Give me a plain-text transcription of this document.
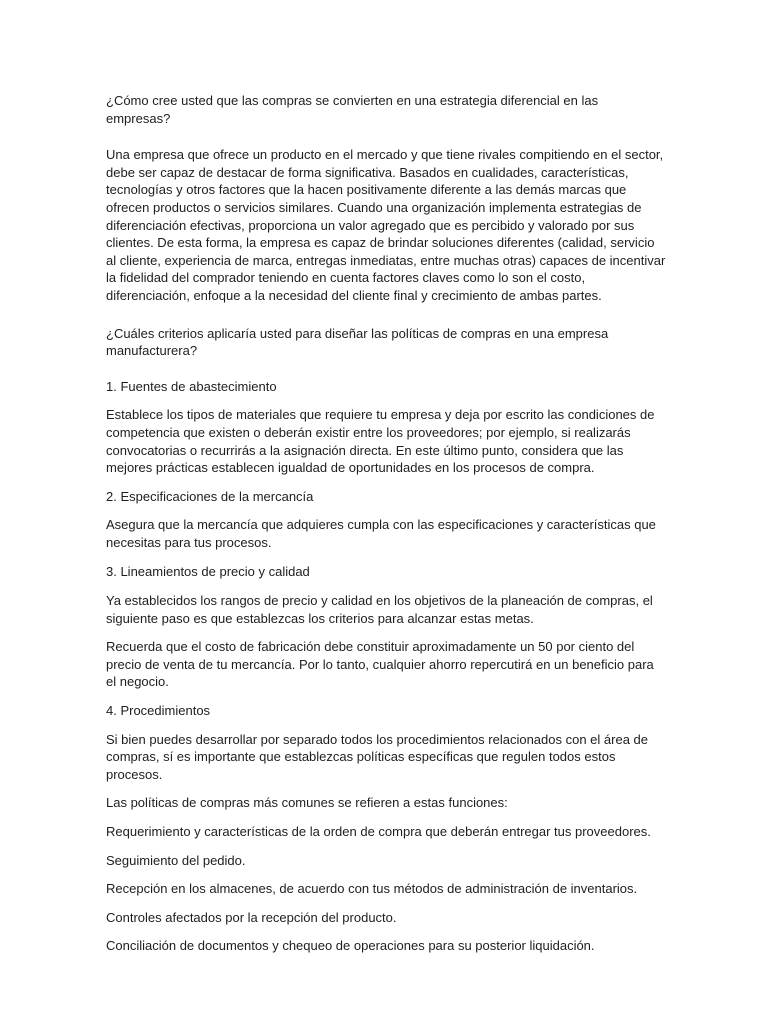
¿Cómo cree usted que las compras se convierten en una estrategia diferencial en las empresas?

Una empresa que ofrece un producto en el mercado y que tiene rivales compitiendo en el sector, debe ser capaz de destacar de forma significativa. Basados en cualidades, características, tecnologías y otros factores que la hacen positivamente diferente a las demás marcas que ofrecen productos o servicios similares. Cuando una organización implementa estrategias de diferenciación efectivas, proporciona un valor agregado que es percibido y valorado por sus clientes. De esta forma, la empresa es capaz de brindar soluciones diferentes (calidad, servicio al cliente, experiencia de marca, entregas inmediatas, entre muchas otras) capaces de incentivar la fidelidad del comprador teniendo en cuenta factores claves como lo son el costo, diferenciación, enfoque a la necesidad del cliente final y crecimiento de ambas partes.

¿Cuáles criterios aplicaría usted para diseñar las políticas de compras en una empresa manufacturera?

1. Fuentes de abastecimiento

Establece los tipos de materiales que requiere tu empresa y deja por escrito las condiciones de competencia que existen o deberán existir entre los proveedores; por ejemplo, si realizarás convocatorias o recurrirás a la asignación directa. En este último punto, considera que las mejores prácticas establecen igualdad de oportunidades en los procesos de compra.

2. Especificaciones de la mercancía

Asegura que la mercancía que adquieres cumpla con las especificaciones y características que necesitas para tus procesos.

3. Lineamientos de precio y calidad

Ya establecidos los rangos de precio y calidad en los objetivos de la planeación de compras, el siguiente paso es que establezcas los criterios para alcanzar estas metas.

Recuerda que el costo de fabricación debe constituir aproximadamente un 50 por ciento del precio de venta de tu mercancía. Por lo tanto, cualquier ahorro repercutirá en un beneficio para el negocio.

4. Procedimientos

Si bien puedes desarrollar por separado todos los procedimientos relacionados con el área de compras, sí es importante que establezcas políticas específicas que regulen todos estos procesos.

Las políticas de compras más comunes se refieren a estas funciones:

Requerimiento y características de la orden de compra que deberán entregar tus proveedores.

Seguimiento del pedido.

Recepción en los almacenes, de acuerdo con tus métodos de administración de inventarios.

Controles afectados por la recepción del producto.

Conciliación de documentos y chequeo de operaciones para su posterior liquidación.
